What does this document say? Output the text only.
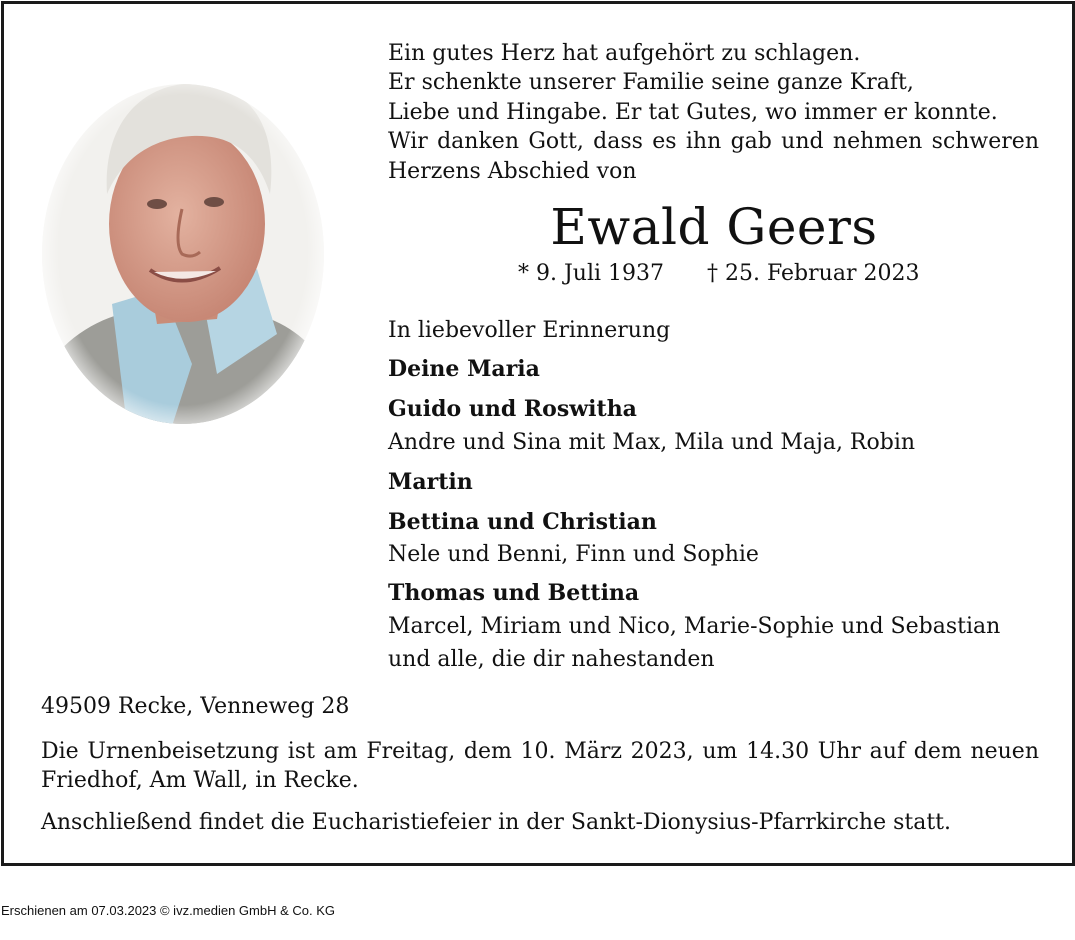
Ein gutes Herz hat aufgehört zu schlagen.
Er schenkte unserer Familie seine ganze Kraft,
Liebe und Hingabe. Er tat Gutes, wo immer er konnte.
Wir danken Gott, dass es ihn gab und nehmen schweren
Herzens Abschied von
Ewald Geers
* 9. Juli 1937 † 25. Februar 2023
In liebevoller Erinnerung
Deine Maria
Guido und Roswitha
Andre und Sina mit Max, Mila und Maja, Robin
Martin
Bettina und Christian
Nele und Benni, Finn und Sophie
Thomas und Bettina
Marcel, Miriam und Nico, Marie-Sophie und Sebastian
und alle, die dir nahestanden
49509 Recke, Venneweg 28
Die Urnenbeisetzung ist am Freitag, dem 10. März 2023, um 14.30 Uhr auf dem neuen
Friedhof, Am Wall, in Recke.
Anschließend findet die Eucharistiefeier in der Sankt-Dionysius-Pfarrkirche statt.
Erschienen am 07.03.2023 © ivz.medien GmbH & Co. KG
